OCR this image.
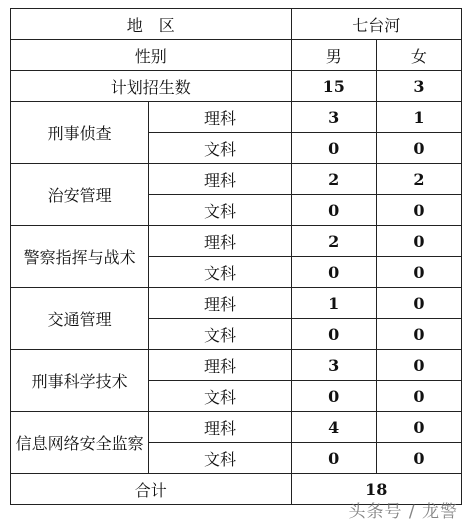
地　区		七台河	
性别		男	女
计划招生数		15	3
刑事侦查	理科	3	1
	文科	0	0
治安管理	理科	2	2
	文科	0	0
警察指挥与战术	理科	2	0
	文科	0	0
交通管理	理科	1	0
	文科	0	0
刑事科学技术	理科	3	0
	文科	0	0
信息网络安全监察	理科	4	0
	文科	0	0
合计		18	
头条号 / 龙警
